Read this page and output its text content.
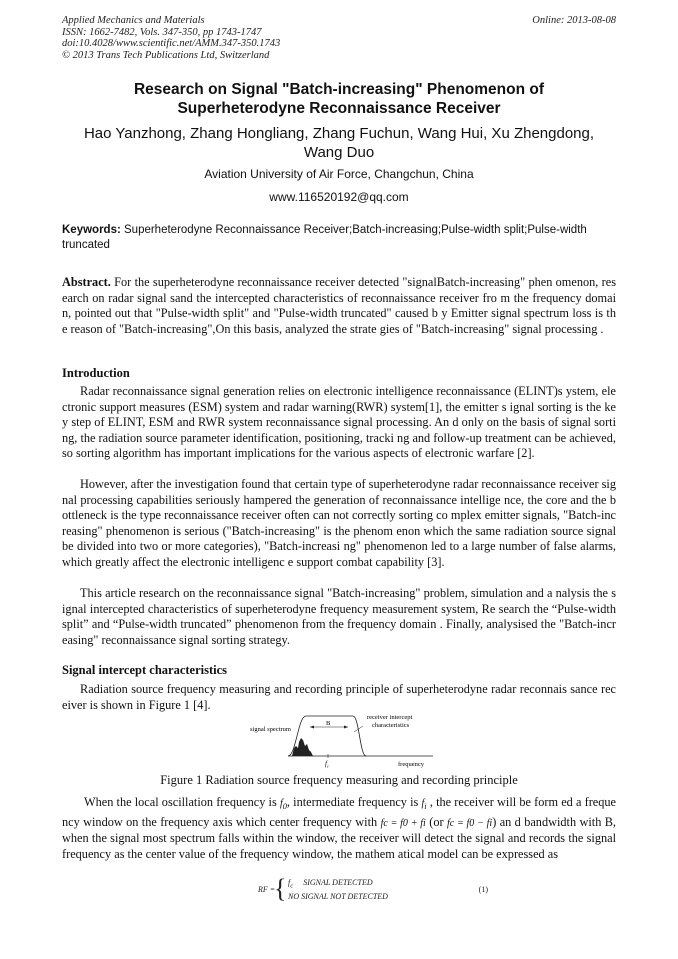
Applied Mechanics and Materials
ISSN: 1662-7482, Vols. 347-350, pp 1743-1747
doi:10.4028/www.scientific.net/AMM.347-350.1743
© 2013 Trans Tech Publications Ltd, Switzerland
Online: 2013-08-08
Research on Signal "Batch-increasing" Phenomenon of
Superheterodyne Reconnaissance Receiver
Hao Yanzhong, Zhang Hongliang, Zhang Fuchun, Wang Hui, Xu Zhengdong,
Wang Duo
Aviation University of Air Force, Changchun, China
www.116520192@qq.com
Keywords: Superheterodyne Reconnaissance Receiver;Batch-increasing;Pulse-width split;Pulse-width truncated
Abstract. For the superheterodyne reconnaissance receiver detected "signalBatch-increasing" phen omenon, research on radar signal sand the intercepted characteristics of reconnaissance receiver fro m the frequency domain, pointed out that "Pulse-width split" and "Pulse-width truncated" caused b y Emitter signal spectrum loss is the reason of "Batch-increasing",On this basis, analyzed the strate gies of "Batch-increasing" signal processing .
Introduction
Radar reconnaissance signal generation relies on electronic intelligence reconnaissance (ELINT)s ystem, electronic support measures (ESM) system and radar warning(RWR) system[1], the emitter s ignal sorting is the key step of ELINT, ESM and RWR system reconnaissance signal processing. An d only on the basis of signal sorting, the radiation source parameter identification, positioning, tracki ng and follow-up treatment can be achieved, so sorting algorithm has important implications for the various aspects of electronic warfare [2].
However, after the investigation found that certain type of superheterodyne radar reconnaissance receiver signal processing capabilities seriously hampered the generation of reconnaissance intellige nce, the core and the bottleneck is the type reconnaissance receiver often can not correctly sorting co mplex emitter signals, "Batch-increasing" phenomenon is serious ("Batch-increasing" is the phenom enon which the same radiation source signal be divided into two or more categories), "Batch-increasi ng" phenomenon led to a large number of false alarms, which greatly affect the electronic intelligenc e support combat capability [3].
This article research on the reconnaissance signal "Batch-increasing" problem, simulation and a nalysis the signal intercepted characteristics of superheterodyne frequency measurement system, Re search the “Pulse-width split” and “Pulse-width truncated” phenomenon from the frequency domain . Finally, analysised the "Batch-increasing" reconnaissance signal sorting strategy.
Signal intercept characteristics
Radiation source frequency measuring and recording principle of superheterodyne radar reconnais sance receiver is shown in Figure 1 [4].
signal spectrum
B
receiver intercept
characteristics
$f_c$	frequency
Figure 1 Radiation source frequency measuring and recording principle
When the local oscillation frequency is $f_0$, intermediate frequency is $f_i$ , the receiver will be form ed a frequency window on the frequency axis which center frequency with fc = f0 + fi (or fc = f0 − fi) an d bandwidth with B, when the signal most spectrum falls within the window, the receiver will detect the signal and records the signal frequency as the center value of the frequency window, the mathem atical model can be expressed as
RF =
{ $f_c$ SIGNAL DETECTED
NO SIGNAL NOT DETECTED
(1)
